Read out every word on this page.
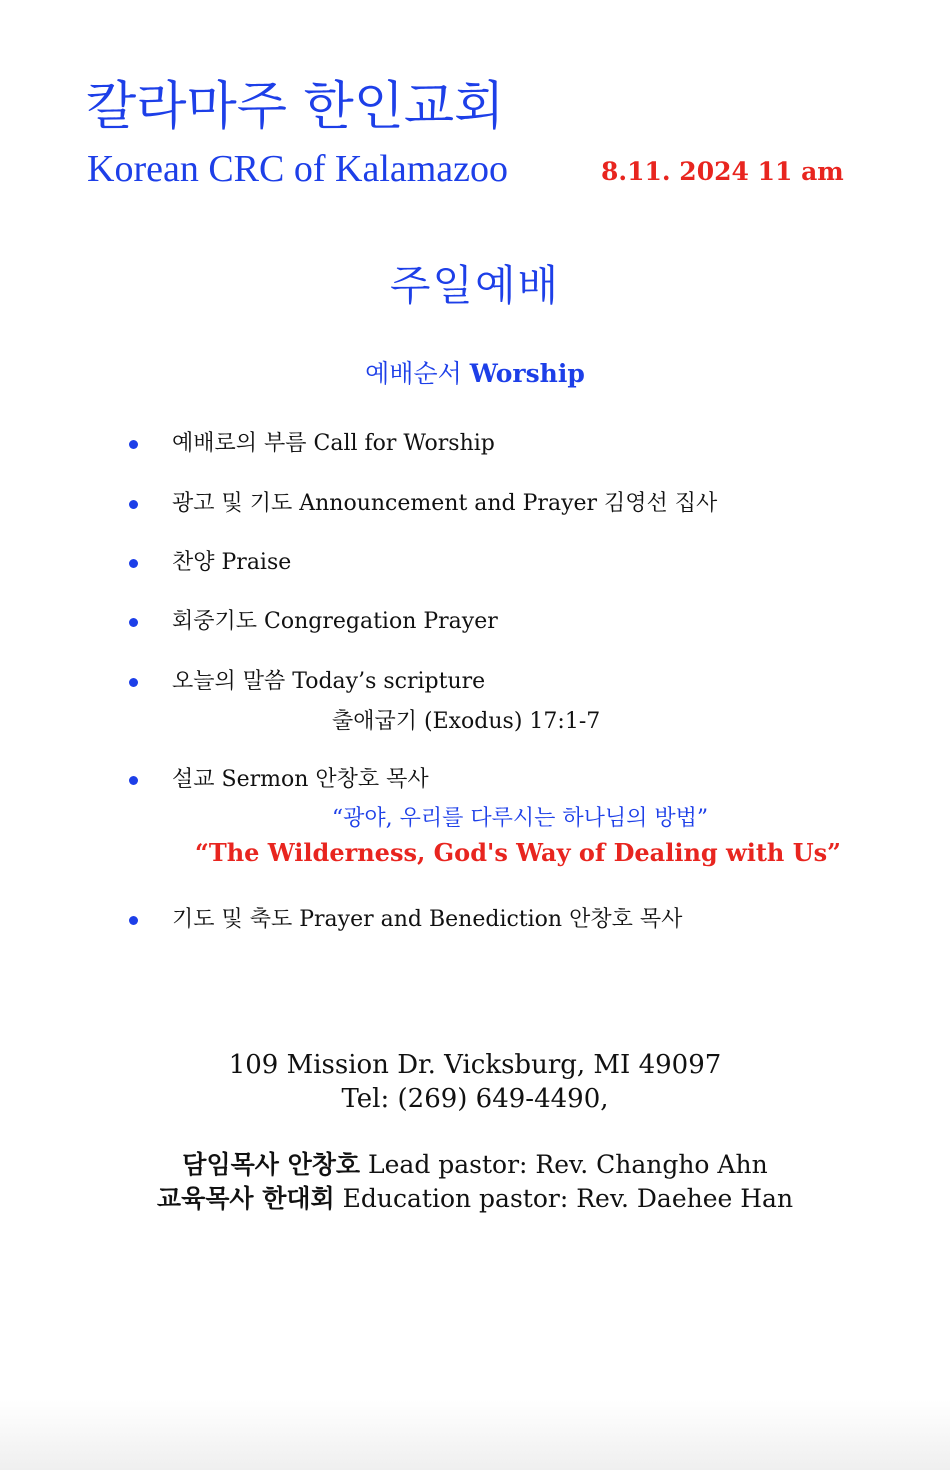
칼라마주 한인교회
Korean CRC of Kalamazoo	8.11. 2024 11 am
주일예배
예배순서 Worship
예배로의 부름 Call for Worship
광고 및 기도 Announcement and Prayer 김영선 집사
찬양 Praise
회중기도 Congregation Prayer
오늘의 말씀 Today’s scripture
출애굽기 (Exodus) 17:1-7
설교 Sermon 안창호 목사
“광야, 우리를 다루시는 하나님의 방법”
“The Wilderness, God's Way of Dealing with Us”
기도 및 축도 Prayer and Benediction 안창호 목사
109 Mission Dr. Vicksburg, MI 49097
Tel: (269) 649-4490,
담임목사 안창호 Lead pastor: Rev. Changho Ahn
교육목사 한대회 Education pastor: Rev. Daehee Han
